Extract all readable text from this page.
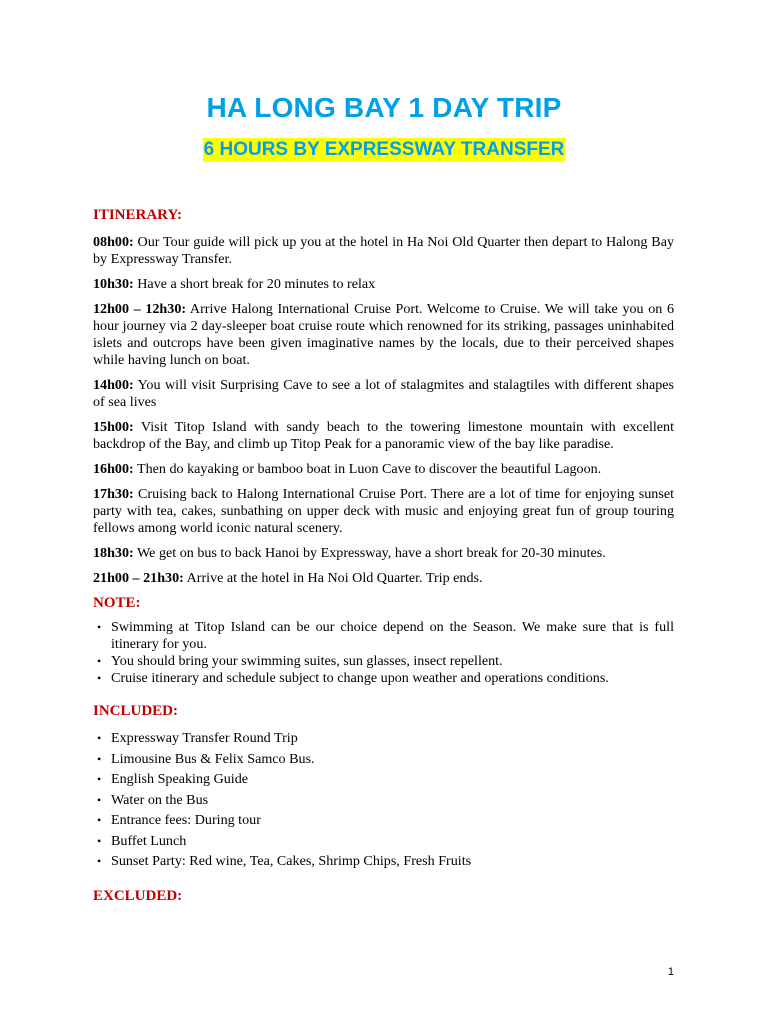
HA LONG BAY 1 DAY TRIP
6 HOURS BY EXPRESSWAY TRANSFER
ITINERARY:

08h00: Our Tour guide will pick up you at the hotel in Ha Noi Old Quarter then depart to Halong Bay by Expressway Transfer.

10h30: Have a short break for 20 minutes to relax

12h00 – 12h30: Arrive Halong International Cruise Port. Welcome to Cruise. We will take you on 6 hour journey via 2 day-sleeper boat cruise route which renowned for its striking, passages uninhabited islets and outcrops have been given imaginative names by the locals, due to their perceived shapes while having lunch on boat.

14h00: You will visit Surprising Cave to see a lot of stalagmites and stalagtiles with different shapes of sea lives

15h00: Visit Titop Island with sandy beach to the towering limestone mountain with excellent backdrop of the Bay, and climb up Titop Peak for a panoramic view of the bay like paradise.

16h00: Then do kayaking or bamboo boat in Luon Cave to discover the beautiful Lagoon.

17h30: Cruising back to Halong International Cruise Port. There are a lot of time for enjoying sunset party with tea, cakes, sunbathing on upper deck with music and enjoying great fun of group touring fellows among world iconic natural scenery.

18h30: We get on bus to back Hanoi by Expressway, have a short break for 20-30 minutes.

21h00 – 21h30: Arrive at the hotel in Ha Noi Old Quarter. Trip ends.

NOTE:
• Swimming at Titop Island can be our choice depend on the Season. We make sure that is full itinerary for you.
• You should bring your swimming suites, sun glasses, insect repellent.
• Cruise itinerary and schedule subject to change upon weather and operations conditions.
INCLUDED:
• Expressway Transfer Round Trip
• Limousine Bus & Felix Samco Bus.
• English Speaking Guide
• Water on the Bus
• Entrance fees: During tour
• Buffet Lunch
• Sunset Party: Red wine, Tea, Cakes, Shrimp Chips, Fresh Fruits
EXCLUDED:
1
